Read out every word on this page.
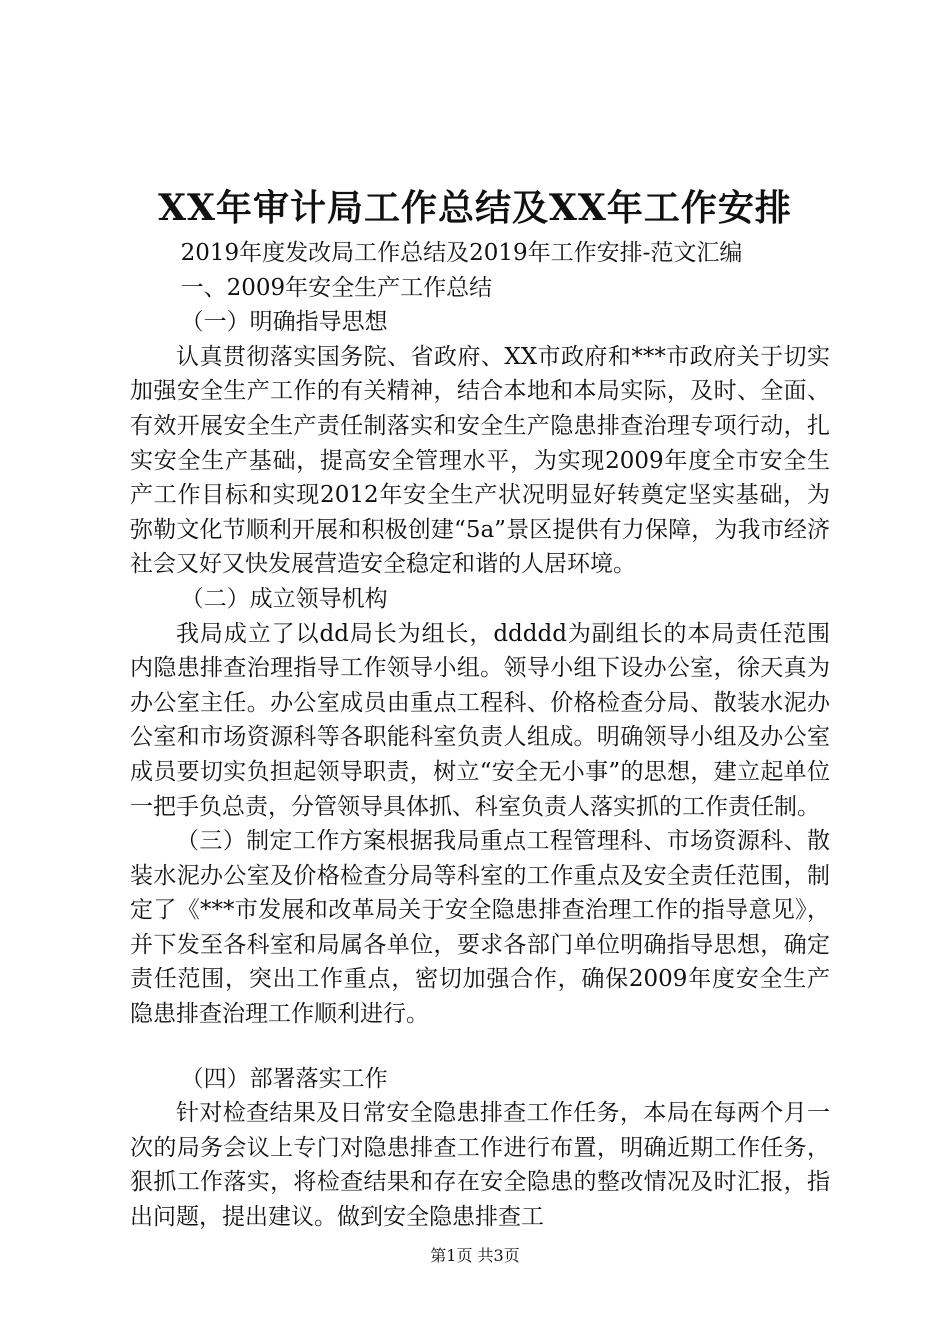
XX年审计局工作总结及XX年工作安排

2019年度发改局工作总结及2019年工作安排-范文汇编

一、2009年安全生产工作总结

（一）明确指导思想

认真贯彻落实国务院、省政府、XX市政府和***市政府关于切实加强安全生产工作的有关精神，结合本地和本局实际，及时、全面、有效开展安全生产责任制落实和安全生产隐患排查治理专项行动，扎实安全生产基础，提高安全管理水平，为实现2009年度全市安全生产工作目标和实现2012年安全生产状况明显好转奠定坚实基础，为弥勒文化节顺利开展和积极创建“5a”景区提供有力保障，为我市经济社会又好又快发展营造安全稳定和谐的人居环境。

（二）成立领导机构

我局成立了以dd局长为组长，ddddd为副组长的本局责任范围内隐患排查治理指导工作领导小组。领导小组下设办公室，徐天真为办公室主任。办公室成员由重点工程科、价格检查分局、散装水泥办公室和市场资源科等各职能科室负责人组成。明确领导小组及办公室成员要切实负担起领导职责，树立“安全无小事”的思想，建立起单位一把手负总责，分管领导具体抓、科室负责人落实抓的工作责任制。

（三）制定工作方案根据我局重点工程管理科、市场资源科、散装水泥办公室及价格检查分局等科室的工作重点及安全责任范围，制定了《***市发展和改革局关于安全隐患排查治理工作的指导意见》，并下发至各科室和局属各单位，要求各部门单位明确指导思想，确定责任范围，突出工作重点，密切加强合作，确保2009年度安全生产隐患排查治理工作顺利进行。

（四）部署落实工作

针对检查结果及日常安全隐患排查工作任务，本局在每两个月一次的局务会议上专门对隐患排查工作进行布置，明确近期工作任务，狠抓工作落实，将检查结果和存在安全隐患的整改情况及时汇报，指出问题，提出建议。做到安全隐患排查工

第1页 共3页
